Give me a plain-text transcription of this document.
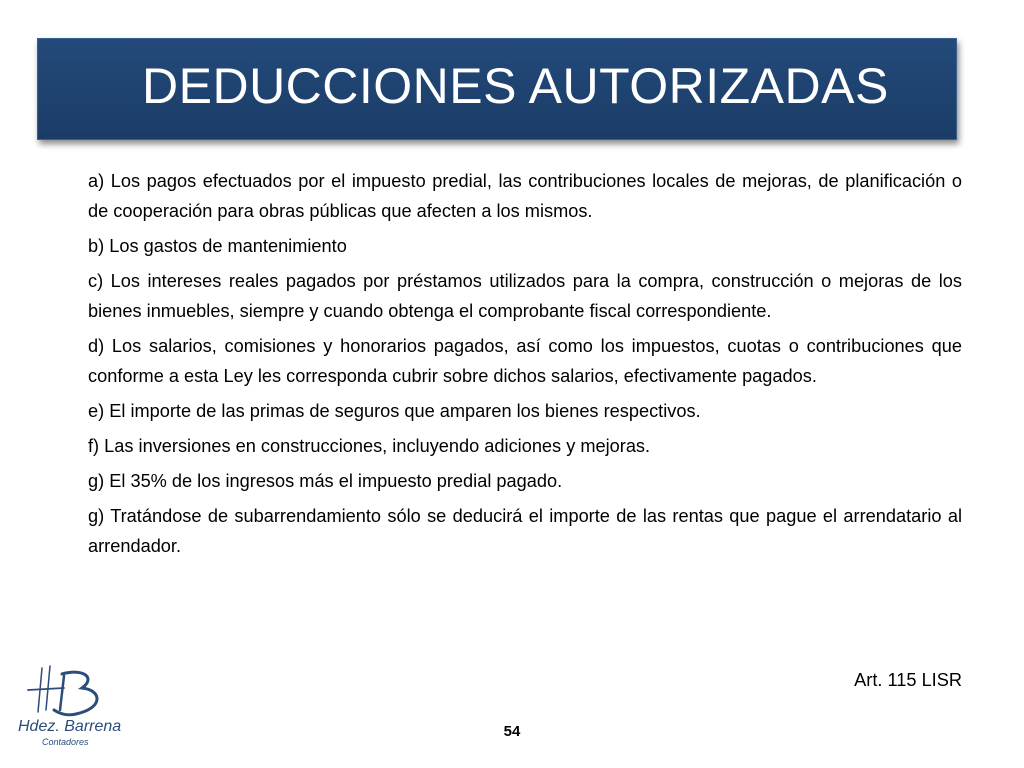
DEDUCCIONES AUTORIZADAS

a) Los pagos efectuados por el impuesto predial, las contribuciones locales de mejoras, de planificación o de cooperación para obras públicas que afecten a los mismos.

b) Los gastos de mantenimiento

c) Los intereses reales pagados por préstamos utilizados para la compra, construcción o mejoras de los bienes inmuebles, siempre y cuando obtenga el comprobante fiscal correspondiente.

d) Los salarios, comisiones y honorarios pagados, así como los impuestos, cuotas o contribuciones que conforme a esta Ley les corresponda cubrir sobre dichos salarios, efectivamente pagados.

e) El importe de las primas de seguros que amparen los bienes respectivos.

f) Las inversiones en construcciones, incluyendo adiciones y mejoras.

g) El 35% de los ingresos más el impuesto predial pagado.

g) Tratándose de subarrendamiento sólo se deducirá el importe de las rentas que pague el arrendatario al arrendador.

Art. 115 LISR
54
Hdez. Barrena
Contadores
